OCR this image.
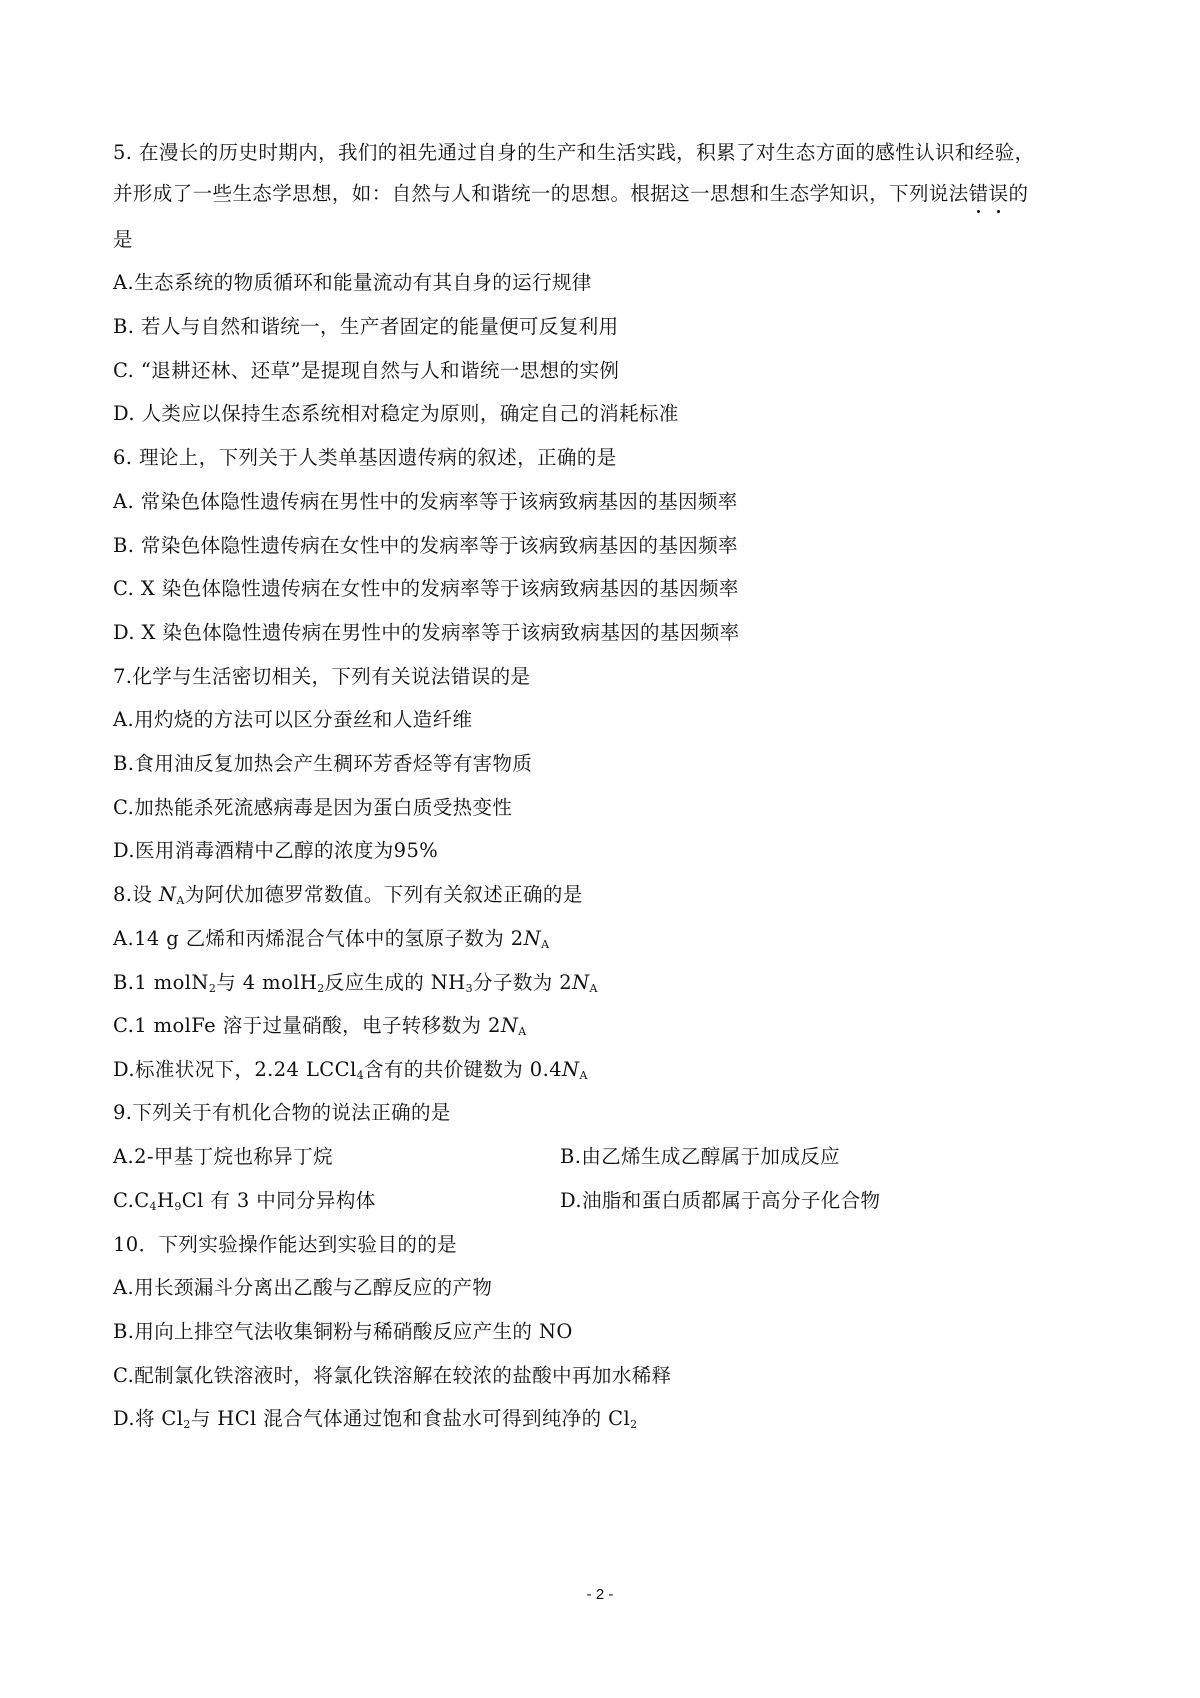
5. 在漫长的历史时期内，我们的祖先通过自身的生产和生活实践，积累了对生态方面的感性认识和经验，
并形成了一些生态学思想，如：自然与人和谐统一的思想。根据这一思想和生态学知识，下列说法错误的
是
A.生态系统的物质循环和能量流动有其自身的运行规律
B. 若人与自然和谐统一，生产者固定的能量便可反复利用
C. “退耕还林、还草”是提现自然与人和谐统一思想的实例
D. 人类应以保持生态系统相对稳定为原则，确定自己的消耗标准
6. 理论上，下列关于人类单基因遗传病的叙述，正确的是
A. 常染色体隐性遗传病在男性中的发病率等于该病致病基因的基因频率
B. 常染色体隐性遗传病在女性中的发病率等于该病致病基因的基因频率
C. X 染色体隐性遗传病在女性中的发病率等于该病致病基因的基因频率
D. X 染色体隐性遗传病在男性中的发病率等于该病致病基因的基因频率
7.化学与生活密切相关，下列有关说法错误的是
A.用灼烧的方法可以区分蚕丝和人造纤维
B.食用油反复加热会产生稠环芳香烃等有害物质
C.加热能杀死流感病毒是因为蛋白质受热变性
D.医用消毒酒精中乙醇的浓度为95%
8.设 $N_A$为阿伏加德罗常数值。下列有关叙述正确的是
A.14 g 乙烯和丙烯混合气体中的氢原子数为 $2N_A$
B.1 molN$_2$与 4 molH$_2$反应生成的 $NH_3$分子数为 $2N_A$
C.1 molFe 溶于过量硝酸，电子转移数为 $2N_A$
D.标准状况下，2.24 LCCl$_4$含有的共价键数为 $0.4N_A$
9.下列关于有机化合物的说法正确的是
A.2-甲基丁烷也称异丁烷	B.由乙烯生成乙醇属于加成反应
$C.C_4H_9Cl$ 有 3 中同分异构体	D.油脂和蛋白质都属于高分子化合物
10．下列实验操作能达到实验目的的是
A.用长颈漏斗分离出乙酸与乙醇反应的产物
B.用向上排空气法收集铜粉与稀硝酸反应产生的 NO
C.配制氯化铁溶液时，将氯化铁溶解在较浓的盐酸中再加水稀释
D.将 $Cl_2$与 HCl 混合气体通过饱和食盐水可得到纯净的 $Cl_2$
- 2 -
